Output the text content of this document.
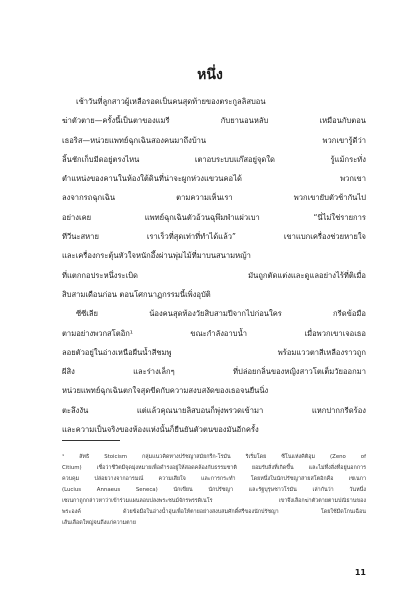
หนึ่ง
เช้าวันที่ลูกสาวผู้เหลือรอดเป็นคนสุดท้ายของตระกูลลิสบอน
ฆ่าตัวตาย—ครั้งนี้เป็นตาของแมรี กับยานอนหลับ เหมือนกับตอน
เธอริส—หน่วยแพทย์ฉุกเฉินสองคนมาถึงบ้าน พวกเขารู้ดีว่า
ลิ้นชักเก็บมีดอยู่ตรงไหน เตาอบระบบแก๊สอยู่จุดใด รู้แม้กระทั่ง
ตำแหน่งของคานในห้องใต้ดินที่น่าจะผูกห่วงแขวนคอได้ พวกเขา
ลงจากรถฉุกเฉิน ตามความเห็นเรา พวกเขายับตัวช้ากันไป
อย่างเคย แพทย์ฉุกเฉินตัวอ้วนฉุพึมพำแผ่วเบา “นี่ไม่ใช่รายการ
ทีวีนะสหาย เราเร็วที่สุดเท่าที่ทำได้แล้ว” เขาแบกเครื่องช่วยหายใจ
และเครื่องกระตุ้นหัวใจหนักอึ้งผ่านพุ่มไม้ที่มาบนสนามหญ้า
ที่แตกกอประหนึ่งระเบิด มันถูกตัดแต่งและดูแลอย่างไร้ที่ติเมื่อ
สิบสามเดือนก่อน ตอนโศกนาฏกรรมนี้เพิ่งอุบัติ
ซีซีเลีย น้องคนสุดท้องวัยสิบสามปีจากไปก่อนใคร กรีดข้อมือ
ตามอย่างพวกสโตอิก¹ ขณะกำลังอาบน้ำ เมื่อพวกเขาเจอเธอ
ลอยตัวอยู่ในอ่างเหนือผืนน้ำสีชมพู พร้อมแววตาสีเหลืองราวถูก
ผีสิง และร่างเล็กๆ ที่ปล่อยกลิ่นของหญิงสาวโตเต็มวัยออกมา
หน่วยแพทย์ฉุกเฉินตกใจสุดขีดกับความสงบสงัดของเธอจนยืนนิ่ง
ตะลึงงัน แต่แล้วคุณนายลิสบอนก็พุ่งพรวดเข้ามา แหกปากกรีดร้อง
และความเป็นจริงของห้องแห่งนั้นก็ยืนยันตัวตนของมันอีกครั้ง
¹ ลัทธิ Stoicism กลุ่มแนวคิดทางปรัชญาสมัยกรีก-โรมัน ริเริ่มโดย ซีโนแห่งคิติอุม (Zeno of
Citium) เชื่อว่าชีวิตมีจุดมุ่งหมายเพื่อดำรงอยู่ให้สอดคล้องกับธรรมชาติ ยอมรับสิ่งที่เกิดขึ้น และไม่ทึ่งสิ่งที่อยู่นอกการ
ควบคุม ปล่อยวางจากอารมณ์ ความเสียใจ และการกระทำ โดยหนึ่งในนักปรัชญาสายสโตอิกคือ เซเนกา
(Lucius Annaeus Seneca) นักเขียน นักปรัชญา และรัฐบุรุษชาวโรมัน เล่ากันว่า วันหนึ่ง
เซเนกาถูกกล่าวหาว่าเข้าร่วมแผนลอบปลงพระชนม์จักรพรรดิเนโร เขาจึงเลือกฆ่าตัวตายตามปณิธานของ
พระองค์ ด้วยข้อมือในอ่างน้ำอุ่นเพื่อให้ตายอย่างสงบสมศักดิ์ศรีของนักปรัชญา โดยใช้มีดโกนเฉือน
เส้นเลือดใหญ่จนถึงแก่ความตาย
11
